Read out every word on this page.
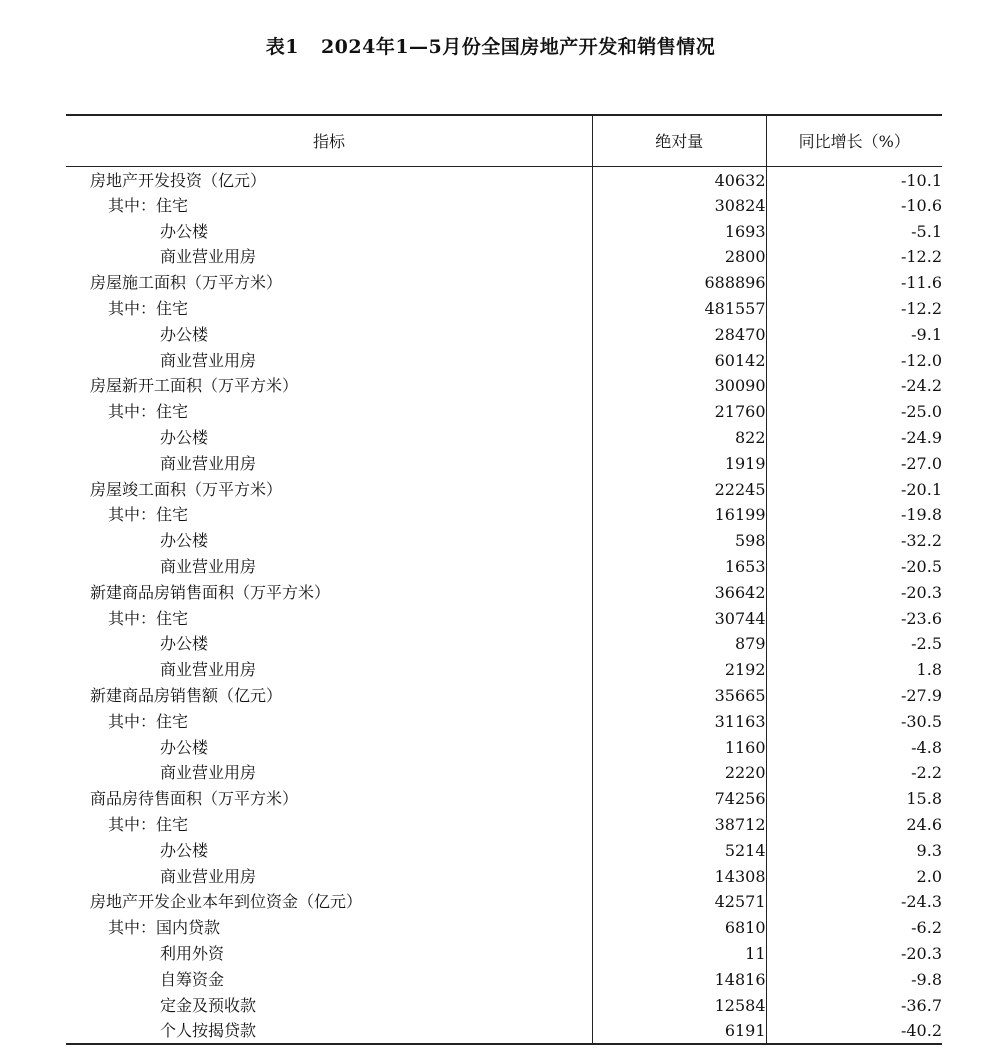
表1 2024年1—5月份全国房地产开发和销售情况
指标	绝对量	同比增长（%）
房地产开发投资（亿元）	40632	-10.1
其中：住宅	30824	-10.6
办公楼	1693	-5.1
商业营业用房	2800	-12.2
房屋施工面积（万平方米）	688896	-11.6
其中：住宅	481557	-12.2
办公楼	28470	-9.1
商业营业用房	60142	-12.0
房屋新开工面积（万平方米）	30090	-24.2
其中：住宅	21760	-25.0
办公楼	822	-24.9
商业营业用房	1919	-27.0
房屋竣工面积（万平方米）	22245	-20.1
其中：住宅	16199	-19.8
办公楼	598	-32.2
商业营业用房	1653	-20.5
新建商品房销售面积（万平方米）	36642	-20.3
其中：住宅	30744	-23.6
办公楼	879	-2.5
商业营业用房	2192	1.8
新建商品房销售额（亿元）	35665	-27.9
其中：住宅	31163	-30.5
办公楼	1160	-4.8
商业营业用房	2220	-2.2
商品房待售面积（万平方米）	74256	15.8
其中：住宅	38712	24.6
办公楼	5214	9.3
商业营业用房	14308	2.0
房地产开发企业本年到位资金（亿元）	42571	-24.3
其中：国内贷款	6810	-6.2
利用外资	11	-20.3
自筹资金	14816	-9.8
定金及预收款	12584	-36.7
个人按揭贷款	6191	-40.2
